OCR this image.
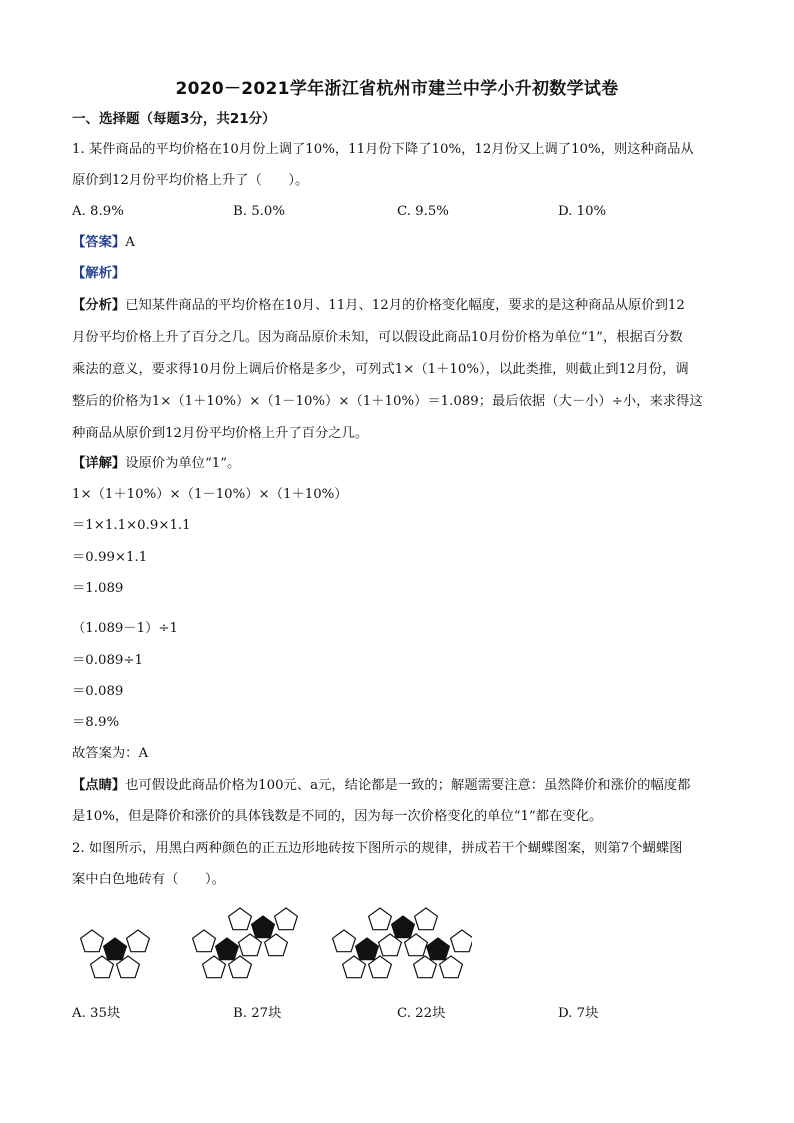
2020－2021学年浙江省杭州市建兰中学小升初数学试卷
一、选择题（每题3分，共21分）
1. 某件商品的平均价格在10月份上调了10%，11月份下降了10%，12月份又上调了10%，则这种商品从
原价到12月份平均价格上升了（　　）。
A. 8.9%	B. 5.0%	C. 9.5%	D. 10%
【答案】A
【解析】
【分析】已知某件商品的平均价格在10月、11月、12月的价格变化幅度，要求的是这种商品从原价到12
月份平均价格上升了百分之几。因为商品原价未知，可以假设此商品10月份价格为单位“1”，根据百分数
乘法的意义，要求得10月份上调后价格是多少，可列式1×（1＋10%），以此类推，则截止到12月份，调
整后的价格为1×（1＋10%）×（1－10%）×（1＋10%）＝1.089；最后依据（大－小）÷小，来求得这
种商品从原价到12月份平均价格上升了百分之几。
【详解】设原价为单位“1”。
1×（1＋10%）×（1－10%）×（1＋10%）
＝1×1.1×0.9×1.1
＝0.99×1.1
＝1.089
（1.089－1）÷1
＝0.089÷1
＝0.089
＝8.9%
故答案为：A
【点睛】也可假设此商品价格为100元、a元，结论都是一致的；解题需要注意：虽然降价和涨价的幅度都
是10%，但是降价和涨价的具体钱数是不同的，因为每一次价格变化的单位“1”都在变化。
2. 如图所示，用黑白两种颜色的正五边形地砖按下图所示的规律，拼成若干个蝴蝶图案，则第7个蝴蝶图
案中白色地砖有（　　）。
A. 35块	B. 27块	C. 22块	D. 7块
